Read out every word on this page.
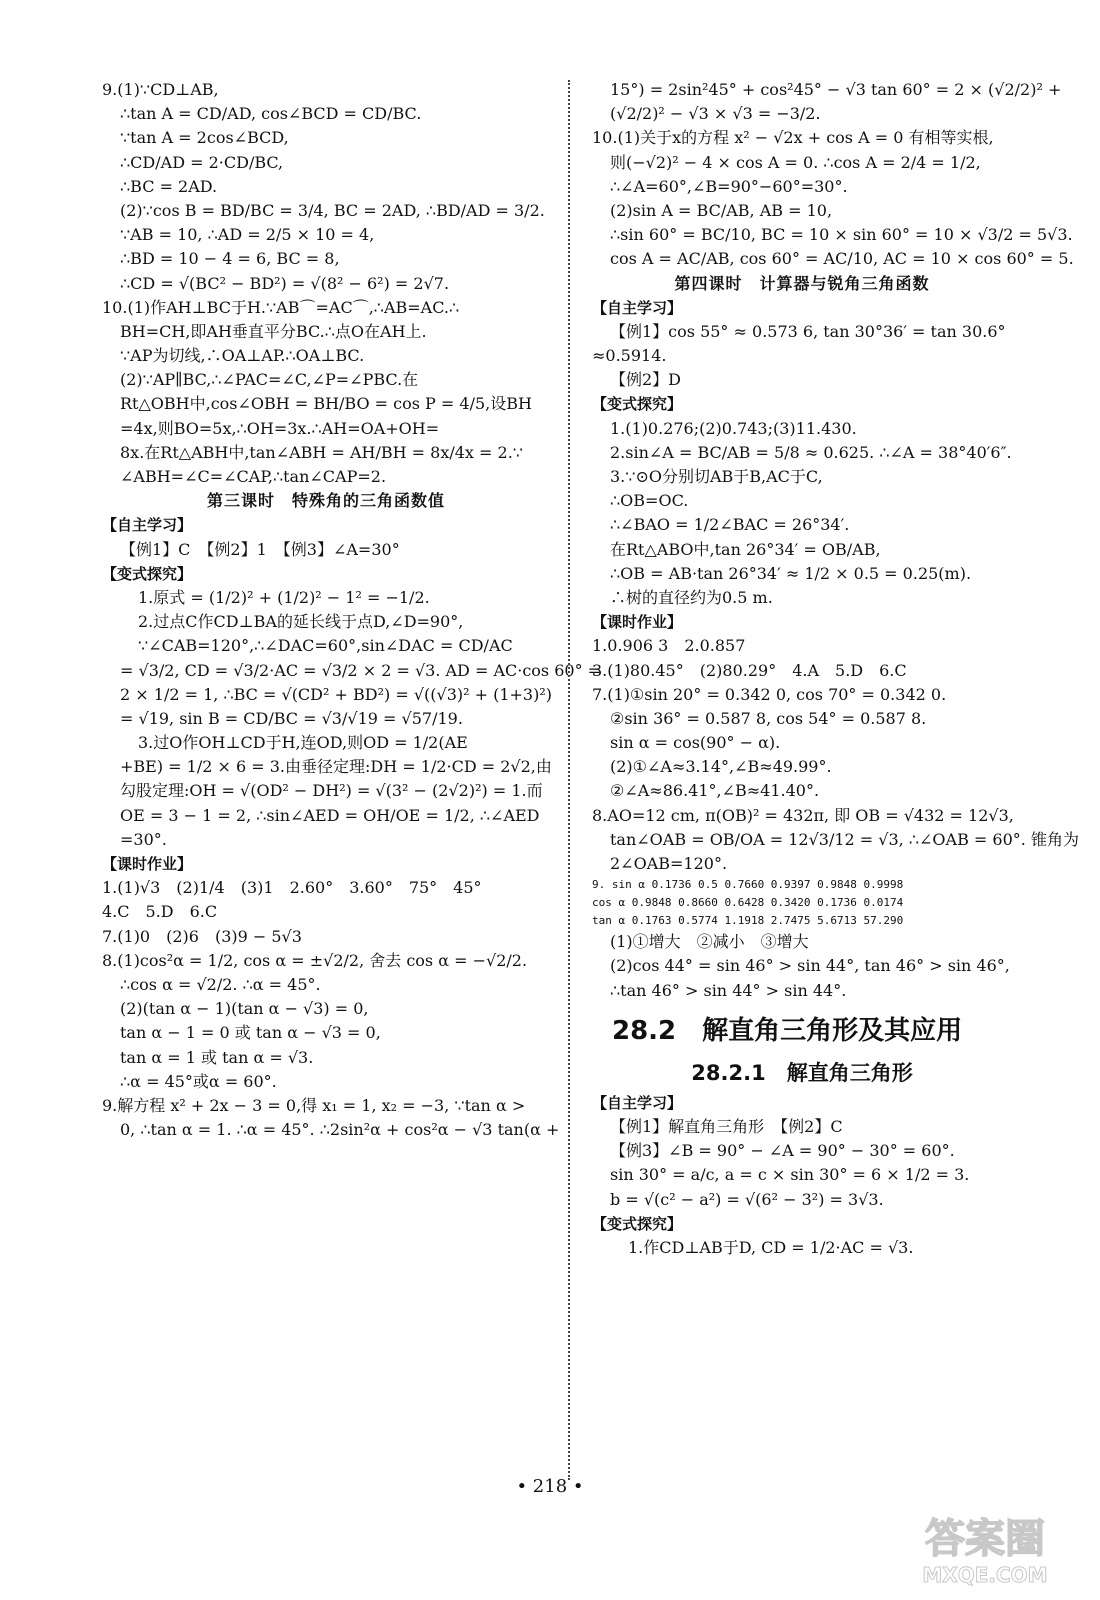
9.(1)∵CD⊥AB,
∴tan A = CD/AD, cos∠BCD = CD/BC.
∵tan A = 2cos∠BCD,
∴CD/AD = 2·CD/BC,
∴BC = 2AD.
(2)∵cos B = BD/BC = 3/4, BC = 2AD, ∴BD/AD = 3/2.
∵AB = 10, ∴AD = 2/5 × 10 = 4,
∴BD = 10 − 4 = 6, BC = 8,
∴CD = √(BC² − BD²) = √(8² − 6²) = 2√7.
10.(1)作AH⊥BC于H.∵AB⌒=AC⌒,∴AB=AC.∴
BH=CH,即AH垂直平分BC.∴点O在AH上.
∵AP为切线,∴OA⊥AP.∴OA⊥BC.
(2)∵AP∥BC,∴∠PAC=∠C,∠P=∠PBC.在
Rt△OBH中,cos∠OBH = BH/BO = cos P = 4/5,设BH
=4x,则BO=5x,∴OH=3x.∴AH=OA+OH=
8x.在Rt△ABH中,tan∠ABH = AH/BH = 8x/4x = 2.∵
∠ABH=∠C=∠CAP,∴tan∠CAP=2.
第三课时　特殊角的三角函数值
【自主学习】
【例1】C　【例2】1　【例3】∠A=30°
【变式探究】
1.原式 = (1/2)² + (1/2)² − 1² = −1/2.
2.过点C作CD⊥BA的延长线于点D,∠D=90°,
∵∠CAB=120°,∴∠DAC=60°,sin∠DAC = CD/AC
= √3/2, CD = √3/2·AC = √3/2 × 2 = √3. AD = AC·cos 60° =
2 × 1/2 = 1, ∴BC = √(CD² + BD²) = √((√3)² + (1+3)²)
= √19, sin B = CD/BC = √3/√19 = √57/19.
3.过O作OH⊥CD于H,连OD,则OD = 1/2(AE
+BE) = 1/2 × 6 = 3.由垂径定理:DH = 1/2·CD = 2√2,由
勾股定理:OH = √(OD² − DH²) = √(3² − (2√2)²) = 1.而
OE = 3 − 1 = 2, ∴sin∠AED = OH/OE = 1/2, ∴∠AED
=30°.
【课时作业】
1.(1)√3　(2)1/4　(3)1　2.60°　3.60°　75°　45°
4.C　5.D　6.C
7.(1)0　(2)6　(3)9 − 5√3
8.(1)cos²α = 1/2, cos α = ±√2/2, 舍去 cos α = −√2/2.
∴cos α = √2/2. ∴α = 45°.
(2)(tan α − 1)(tan α − √3) = 0,
tan α − 1 = 0 或 tan α − √3 = 0,
tan α = 1 或 tan α = √3.
∴α = 45°或α = 60°.
9.解方程 x² + 2x − 3 = 0,得 x₁ = 1, x₂ = −3, ∵tan α >
0, ∴tan α = 1. ∴α = 45°. ∴2sin²α + cos²α − √3 tan(α +
15°) = 2sin²45° + cos²45° − √3 tan 60° = 2 × (√2/2)² +
(√2/2)² − √3 × √3 = −3/2.
10.(1)关于x的方程 x² − √2x + cos A = 0 有相等实根,
则(−√2)² − 4 × cos A = 0. ∴cos A = 2/4 = 1/2,
∴∠A=60°,∠B=90°−60°=30°.
(2)sin A = BC/AB, AB = 10,
∴sin 60° = BC/10, BC = 10 × sin 60° = 10 × √3/2 = 5√3.
cos A = AC/AB, cos 60° = AC/10, AC = 10 × cos 60° = 5.
第四课时　计算器与锐角三角函数
【自主学习】
【例1】cos 55° ≈ 0.573 6, tan 30°36′ = tan 30.6°
≈0.5914.
【例2】D
【变式探究】
1.(1)0.276;(2)0.743;(3)11.430.
2.sin∠A = BC/AB = 5/8 ≈ 0.625. ∴∠A = 38°40′6″.
3.∵⊙O分别切AB于B,AC于C,
∴OB=OC.
∴∠BAO = 1/2∠BAC = 26°34′.
在Rt△ABO中,tan 26°34′ = OB/AB,
∴OB = AB·tan 26°34′ ≈ 1/2 × 0.5 = 0.25(m).
∴树的直径约为0.5 m.
【课时作业】
1.0.906 3　2.0.857
3.(1)80.45°　(2)80.29°　4.A　5.D　6.C
7.(1)①sin 20° = 0.342 0, cos 70° = 0.342 0.
②sin 36° = 0.587 8, cos 54° = 0.587 8.
sin α = cos(90° − α).
(2)①∠A≈3.14°,∠B≈49.99°.
②∠A≈86.41°,∠B≈41.40°.
8.AO=12 cm, π(OB)² = 432π, 即 OB = √432 = 12√3,
tan∠OAB = OB/OA = 12√3/12 = √3, ∴∠OAB = 60°. 锥角为
2∠OAB=120°.
9. sin α 0.1736 0.5 0.7660 0.9397 0.9848 0.9998
cos α 0.9848 0.8660 0.6428 0.3420 0.1736 0.0174
tan α 0.1763 0.5774 1.1918 2.7475 5.6713 57.290
(1)①增大　②减小　③增大
(2)cos 44° = sin 46° > sin 44°, tan 46° > sin 46°,
∴tan 46° > sin 44° > sin 44°.
28.2　解直角三角形及其应用
28.2.1　解直角三角形
【自主学习】
【例1】解直角三角形　【例2】C
【例3】∠B = 90° − ∠A = 90° − 30° = 60°.
sin 30° = a/c, a = c × sin 30° = 6 × 1/2 = 3.
b = √(c² − a²) = √(6² − 3²) = 3√3.
【变式探究】
1.作CD⊥AB于D, CD = 1/2·AC = √3.
• 218 •
答案圈
MXQE.COM
